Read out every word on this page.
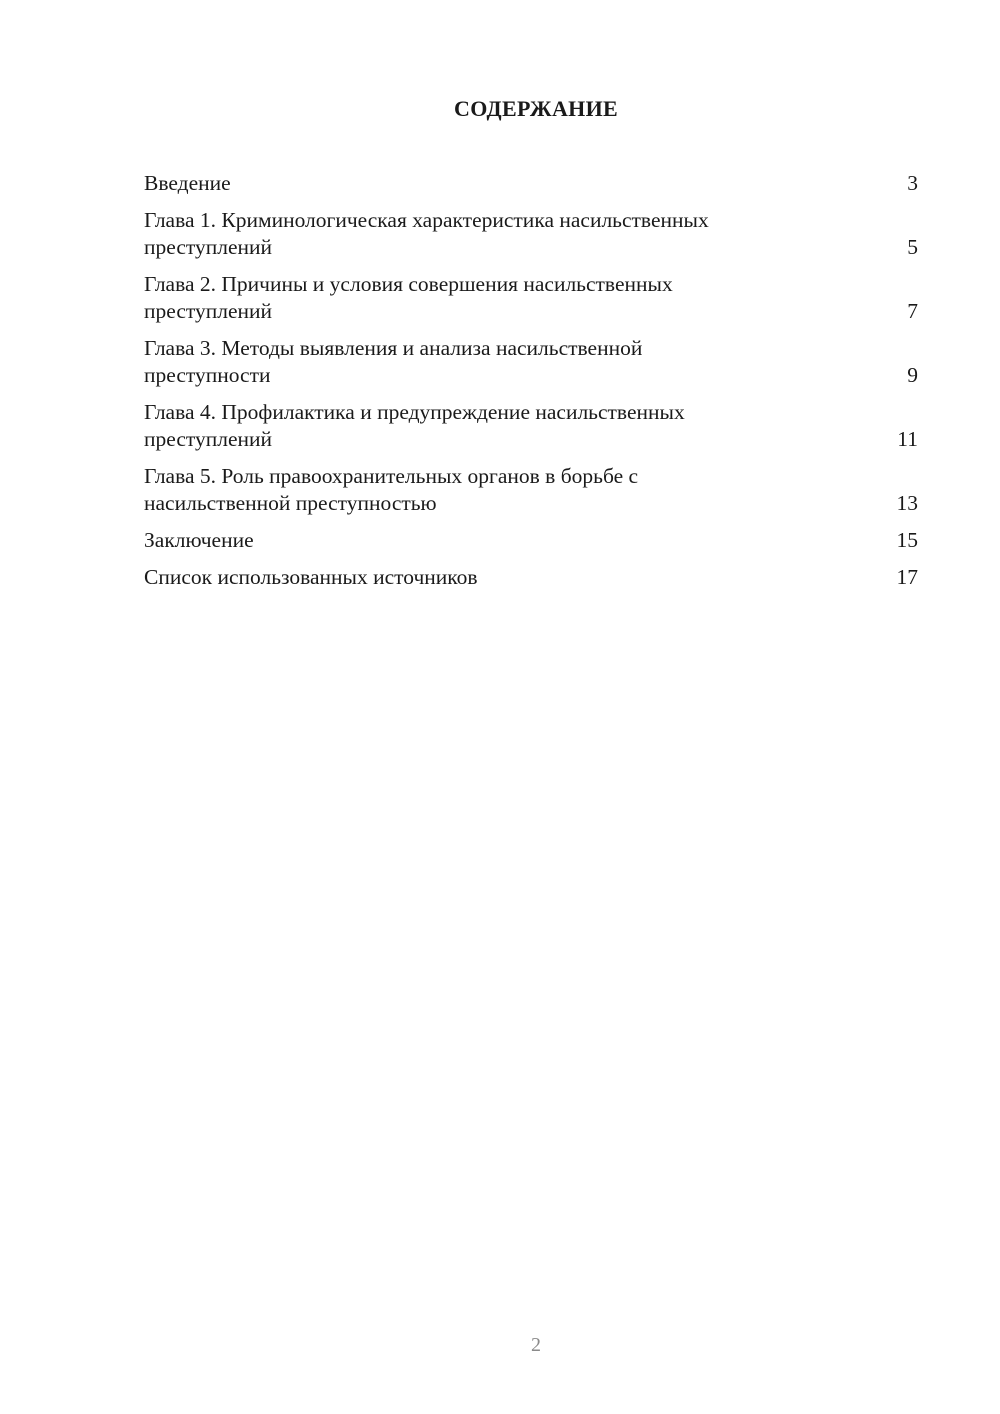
СОДЕРЖАНИЕ
Введение	3
Глава 1. Криминологическая характеристика насильственных
преступлений	5
Глава 2. Причины и условия совершения насильственных
преступлений	7
Глава 3. Методы выявления и анализа насильственной
преступности	9
Глава 4. Профилактика и предупреждение насильственных
преступлений	11
Глава 5. Роль правоохранительных органов в борьбе с
насильственной преступностью	13
Заключение	15
Список использованных источников	17
2
